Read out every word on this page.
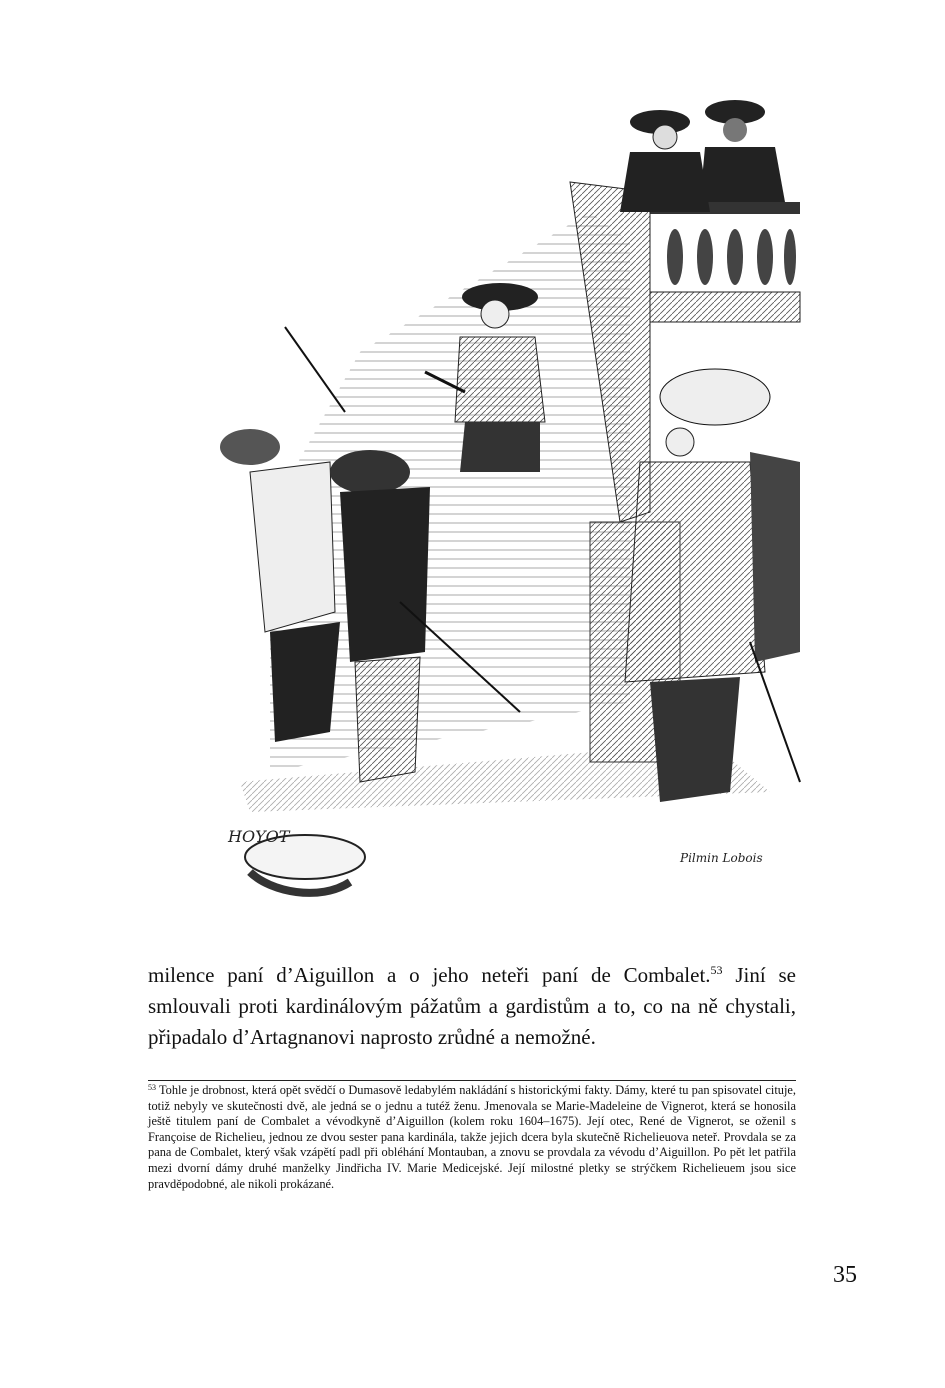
HOYOT
Pilmin Lobois

milence paní d’Aiguillon a o jeho neteři paní de Combalet.$^{53}$ Jiní se smlouvali proti kardinálovým pážatům a gardistům a to, co na ně chystali, připadalo d’Artagnanovi naprosto zrůdné a nemožné.

$^{53}$ Tohle je drobnost, která opět svědčí o Dumasově ledabylém nakládání s historickými fakty. Dámy, které tu pan spisovatel cituje, totiž nebyly ve skutečnosti dvě, ale jedná se o jednu a tutéž ženu. Jmenovala se Marie-Madeleine de Vignerot, která se honosila ještě titulem paní de Combalet a vévodkyně d’Aiguillon (kolem roku 1604–1675). Její otec, René de Vignerot, se oženil s Françoise de Richelieu, jednou ze dvou sester pana kardinála, takže jejich dcera byla skutečně Richelieuova neteř. Provdala se za pana de Combalet, který však vzápětí padl při obléhání Montauban, a znovu se provdala za vévodu d’Aiguillon. Po pět let patřila mezi dvorní dámy druhé manželky Jindřicha IV. Marie Medicejské. Její milostné pletky se strýčkem Richelieuem jsou sice pravděpodobné, ale nikoli prokázané.

35
